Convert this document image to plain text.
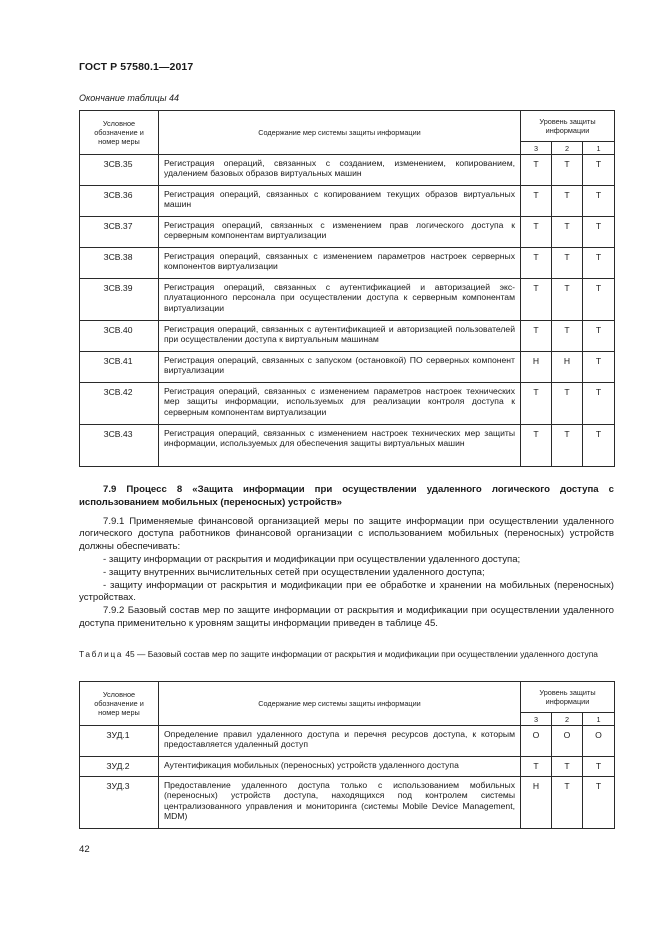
ГОСТ Р 57580.1—2017
Окончание таблицы 44
Условное обозначение и номер меры	Содержание мер системы защиты информации	Уровень защиты информации		
		3	2	1
ЗСВ.35	Регистрация операций, связанных с созданием, изменением, копированием, удалением базовых образов виртуальных машин	Т	Т	Т
ЗСВ.36	Регистрация операций, связанных с копированием текущих образов виртуальных машин	Т	Т	Т
ЗСВ.37	Регистрация операций, связанных с изменением прав логического доступа к серверным компонентам виртуализации	Т	Т	Т
ЗСВ.38	Регистрация операций, связанных с изменением параметров настроек серверных компонентов виртуализации	Т	Т	Т
ЗСВ.39	Регистрация операций, связанных с аутентификацией и авторизацией эксплуатационного персонала при осуществлении доступа к серверным компонентам виртуализации	Т	Т	Т
ЗСВ.40	Регистрация операций, связанных с аутентификацией и авторизацией пользователей при осуществлении доступа к виртуальным машинам	Т	Т	Т
ЗСВ.41	Регистрация операций, связанных с запуском (остановкой) ПО серверных компонент виртуализации	Н	Н	Т
ЗСВ.42	Регистрация операций, связанных с изменением параметров настроек технических мер защиты информации, используемых для реализации контроля доступа к серверным компонентам виртуализации	Т	Т	Т
ЗСВ.43	Регистрация операций, связанных с изменением настроек технических мер защиты информации, используемых для обеспечения защиты виртуальных машин	Т	Т	Т
7.9 Процесс 8 «Защита информации при осуществлении удаленного логического доступа с использованием мобильных (переносных) устройств»
7.9.1 Применяемые финансовой организацией меры по защите информации при осуществлении удаленного логического доступа работников финансовой организации с использованием мобильных (переносных) устройств должны обеспечивать:
- защиту информации от раскрытия и модификации при осуществлении удаленного доступа;
- защиту внутренних вычислительных сетей при осуществлении удаленного доступа;
- защиту информации от раскрытия и модификации при ее обработке и хранении на мобильных (переносных) устройствах.
7.9.2 Базовый состав мер по защите информации от раскрытия и модификации при осуществлении удаленного доступа применительно к уровням защиты информации приведен в таблице 45.
Таблица 45 — Базовый состав мер по защите информации от раскрытия и модификации при осуществлении удаленного доступа
Условное обозначение и номер меры	Содержание мер системы защиты информации	Уровень защиты информации		
		3	2	1
ЗУД.1	Определение правил удаленного доступа и перечня ресурсов доступа, к которым предоставляется удаленный доступ	О	О	О
ЗУД.2	Аутентификация мобильных (переносных) устройств удаленного доступа	Т	Т	Т
ЗУД.3	Предоставление удаленного доступа только с использованием мобильных (переносных) устройств доступа, находящихся под контролем системы централизованного управления и мониторинга (системы Mobile Device Management, MDM)	Н	Т	Т
42
